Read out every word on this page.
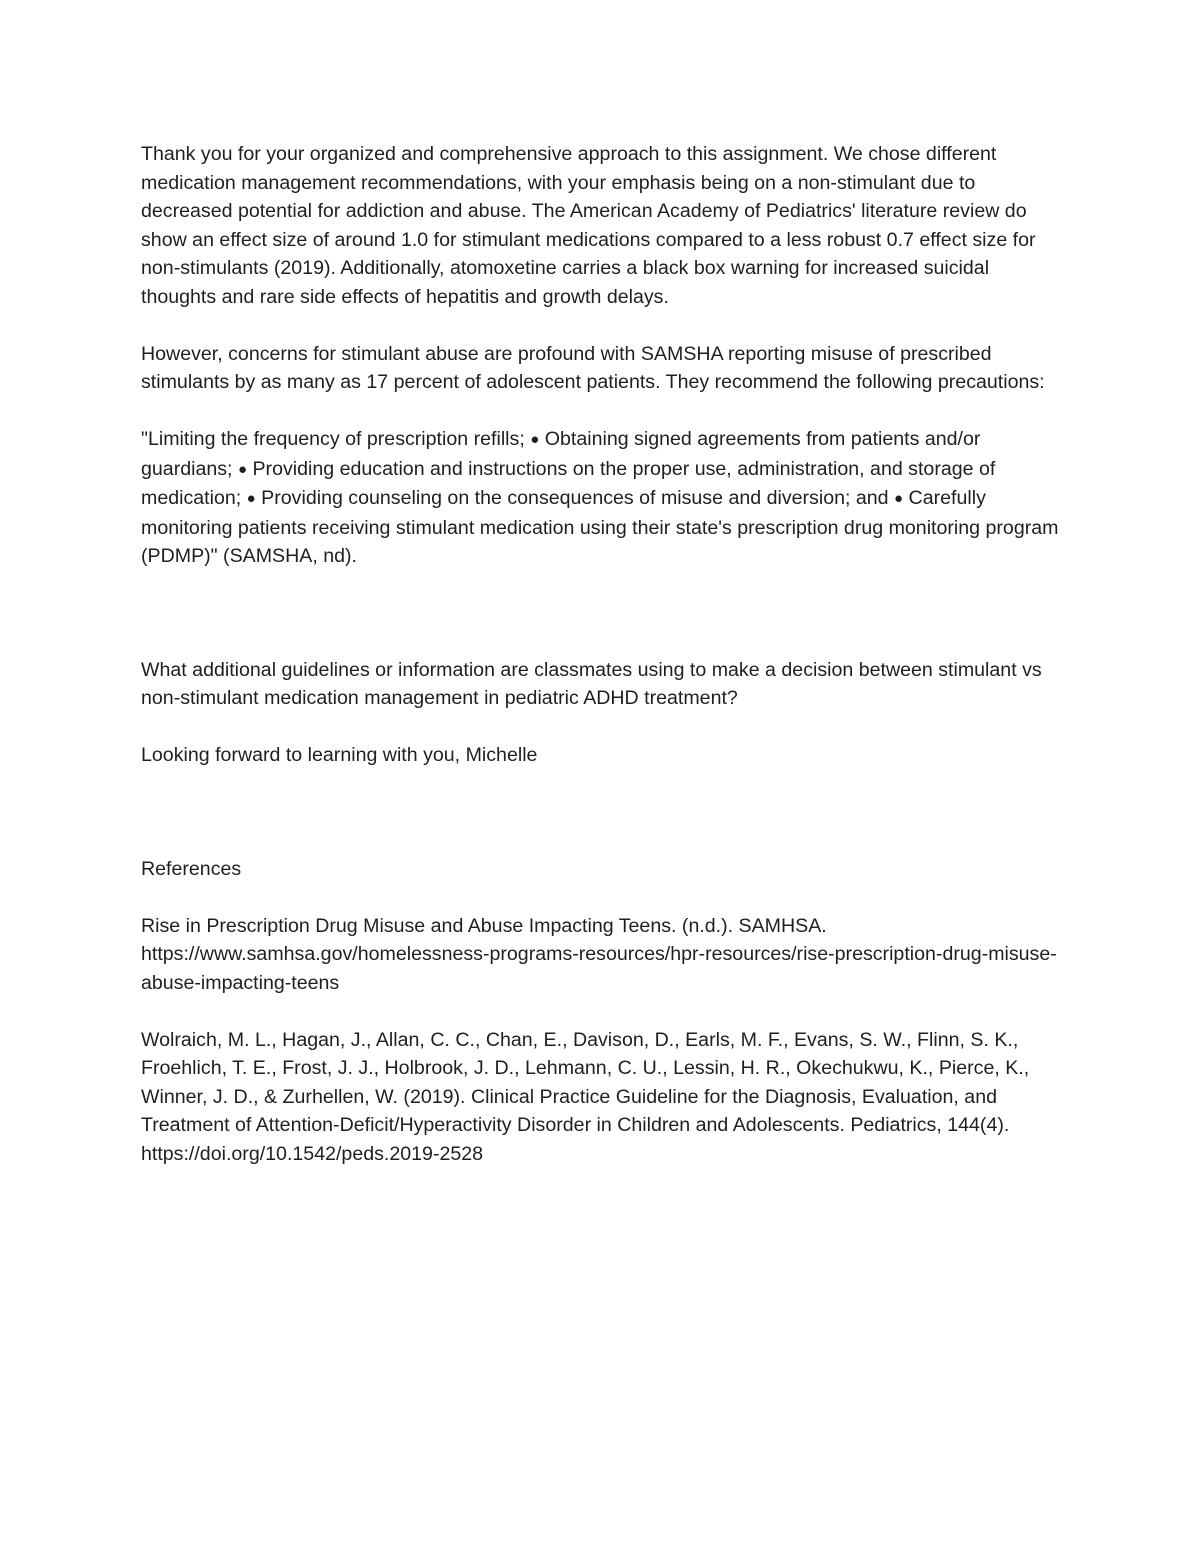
Thank you for your organized and comprehensive approach to this assignment. We chose different medication management recommendations, with your emphasis being on a non-stimulant due to decreased potential for addiction and abuse. The American Academy of Pediatrics' literature review do show an effect size of around 1.0 for stimulant medications compared to a less robust 0.7 effect size for non-stimulants (2019). Additionally, atomoxetine carries a black box warning for increased suicidal thoughts and rare side effects of hepatitis and growth delays.

However, concerns for stimulant abuse are profound with SAMSHA reporting misuse of prescribed stimulants by as many as 17 percent of adolescent patients. They recommend the following precautions:

"Limiting the frequency of prescription refills; ● Obtaining signed agreements from patients and/or guardians; ● Providing education and instructions on the proper use, administration, and storage of medication; ● Providing counseling on the consequences of misuse and diversion; and ● Carefully monitoring patients receiving stimulant medication using their state's prescription drug monitoring program (PDMP)" (SAMSHA, nd).

What additional guidelines or information are classmates using to make a decision between stimulant vs non-stimulant medication management in pediatric ADHD treatment?

Looking forward to learning with you, Michelle

References

Rise in Prescription Drug Misuse and Abuse Impacting Teens. (n.d.). SAMHSA. https://www.samhsa.gov/homelessness-programs-resources/hpr-resources/rise-prescription-drug-misuse-abuse-impacting-teens

Wolraich, M. L., Hagan, J., Allan, C. C., Chan, E., Davison, D., Earls, M. F., Evans, S. W., Flinn, S. K., Froehlich, T. E., Frost, J. J., Holbrook, J. D., Lehmann, C. U., Lessin, H. R., Okechukwu, K., Pierce, K., Winner, J. D., & Zurhellen, W. (2019). Clinical Practice Guideline for the Diagnosis, Evaluation, and Treatment of Attention-Deficit/Hyperactivity Disorder in Children and Adolescents. Pediatrics, 144(4). https://doi.org/10.1542/peds.2019-2528
